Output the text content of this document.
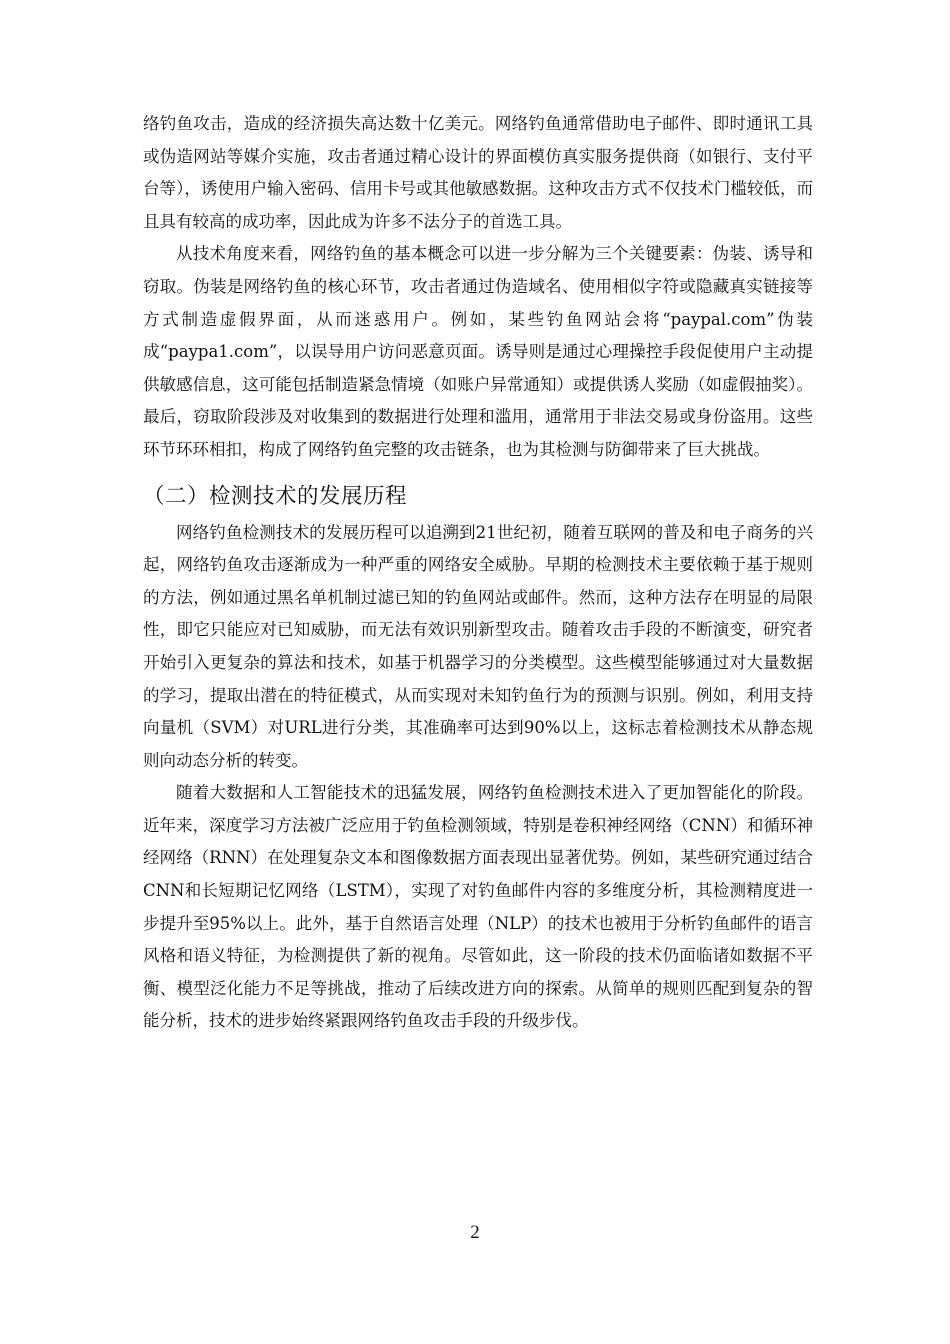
络钓鱼攻击，造成的经济损失高达数十亿美元。网络钓鱼通常借助电子邮件、即时通讯工具或伪造网站等媒介实施，攻击者通过精心设计的界面模仿真实服务提供商（如银行、支付平台等），诱使用户输入密码、信用卡号或其他敏感数据。这种攻击方式不仅技术门槛较低，而且具有较高的成功率，因此成为许多不法分子的首选工具。

从技术角度来看，网络钓鱼的基本概念可以进一步分解为三个关键要素：伪装、诱导和窃取。伪装是网络钓鱼的核心环节，攻击者通过伪造域名、使用相似字符或隐藏真实链接等方式制造虚假界面，从而迷惑用户。例如，某些钓鱼网站会将“paypal.com”伪装成“paypa1.com”，以误导用户访问恶意页面。诱导则是通过心理操控手段促使用户主动提供敏感信息，这可能包括制造紧急情境（如账户异常通知）或提供诱人奖励（如虚假抽奖）。最后，窃取阶段涉及对收集到的数据进行处理和滥用，通常用于非法交易或身份盗用。这些环节环环相扣，构成了网络钓鱼完整的攻击链条，也为其检测与防御带来了巨大挑战。

（二）检测技术的发展历程

网络钓鱼检测技术的发展历程可以追溯到21世纪初，随着互联网的普及和电子商务的兴起，网络钓鱼攻击逐渐成为一种严重的网络安全威胁。早期的检测技术主要依赖于基于规则的方法，例如通过黑名单机制过滤已知的钓鱼网站或邮件。然而，这种方法存在明显的局限性，即它只能应对已知威胁，而无法有效识别新型攻击。随着攻击手段的不断演变，研究者开始引入更复杂的算法和技术，如基于机器学习的分类模型。这些模型能够通过对大量数据的学习，提取出潜在的特征模式，从而实现对未知钓鱼行为的预测与识别。例如，利用支持向量机（SVM）对URL进行分类，其准确率可达到90%以上，这标志着检测技术从静态规则向动态分析的转变。

随着大数据和人工智能技术的迅猛发展，网络钓鱼检测技术进入了更加智能化的阶段。近年来，深度学习方法被广泛应用于钓鱼检测领域，特别是卷积神经网络（CNN）和循环神经网络（RNN）在处理复杂文本和图像数据方面表现出显著优势。例如，某些研究通过结合CNN和长短期记忆网络（LSTM），实现了对钓鱼邮件内容的多维度分析，其检测精度进一步提升至95%以上。此外，基于自然语言处理（NLP）的技术也被用于分析钓鱼邮件的语言风格和语义特征，为检测提供了新的视角。尽管如此，这一阶段的技术仍面临诸如数据不平衡、模型泛化能力不足等挑战，推动了后续改进方向的探索。从简单的规则匹配到复杂的智能分析，技术的进步始终紧跟网络钓鱼攻击手段的升级步伐。

2
